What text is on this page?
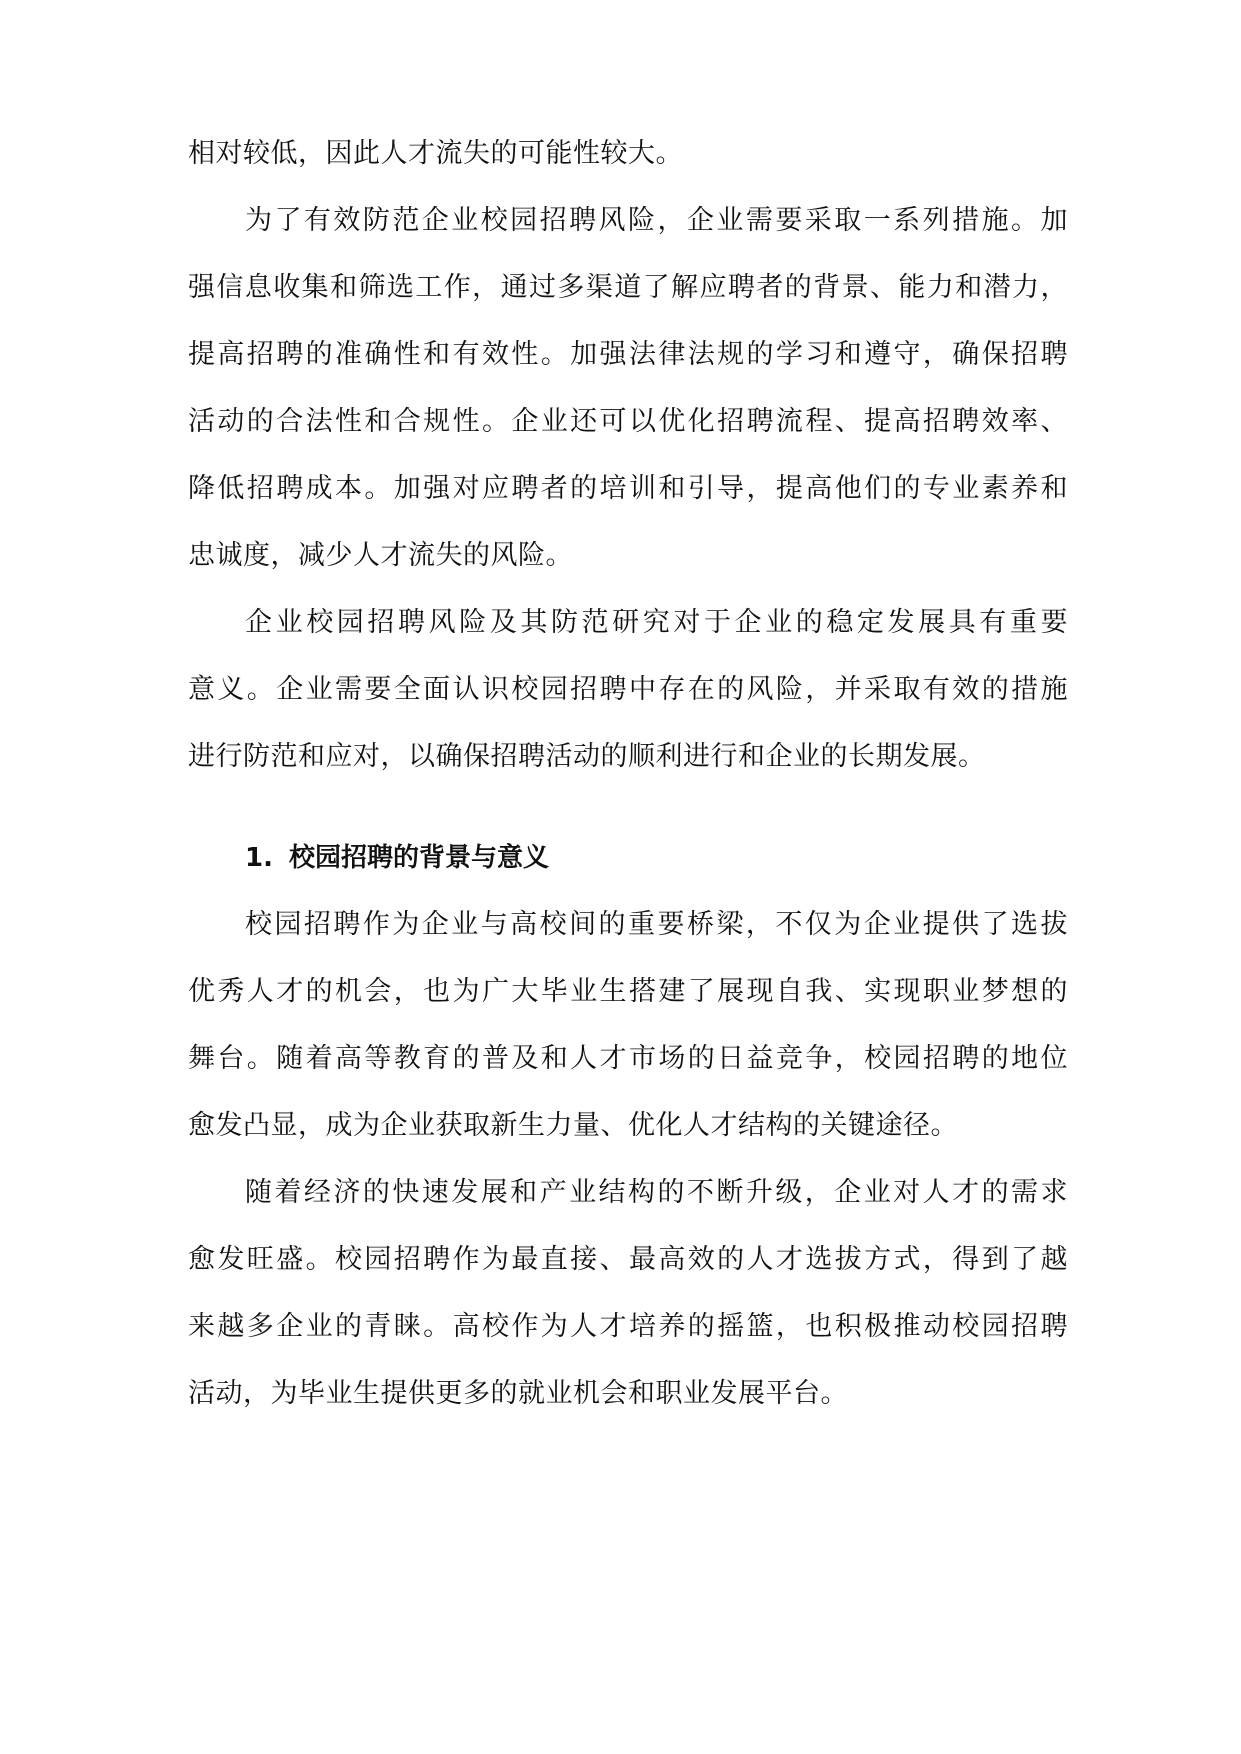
相对较低，因此人才流失的可能性较大。
为了有效防范企业校园招聘风险，企业需要采取一系列措施。加
强信息收集和筛选工作，通过多渠道了解应聘者的背景、能力和潜力，
提高招聘的准确性和有效性。加强法律法规的学习和遵守，确保招聘
活动的合法性和合规性。企业还可以优化招聘流程、提高招聘效率、
降低招聘成本。加强对应聘者的培训和引导，提高他们的专业素养和
忠诚度，减少人才流失的风险。
企业校园招聘风险及其防范研究对于企业的稳定发展具有重要
意义。企业需要全面认识校园招聘中存在的风险，并采取有效的措施
进行防范和应对，以确保招聘活动的顺利进行和企业的长期发展。
1. 校园招聘的背景与意义
校园招聘作为企业与高校间的重要桥梁，不仅为企业提供了选拔
优秀人才的机会，也为广大毕业生搭建了展现自我、实现职业梦想的
舞台。随着高等教育的普及和人才市场的日益竞争，校园招聘的地位
愈发凸显，成为企业获取新生力量、优化人才结构的关键途径。
随着经济的快速发展和产业结构的不断升级，企业对人才的需求
愈发旺盛。校园招聘作为最直接、最高效的人才选拔方式，得到了越
来越多企业的青睐。高校作为人才培养的摇篮，也积极推动校园招聘
活动，为毕业生提供更多的就业机会和职业发展平台。
